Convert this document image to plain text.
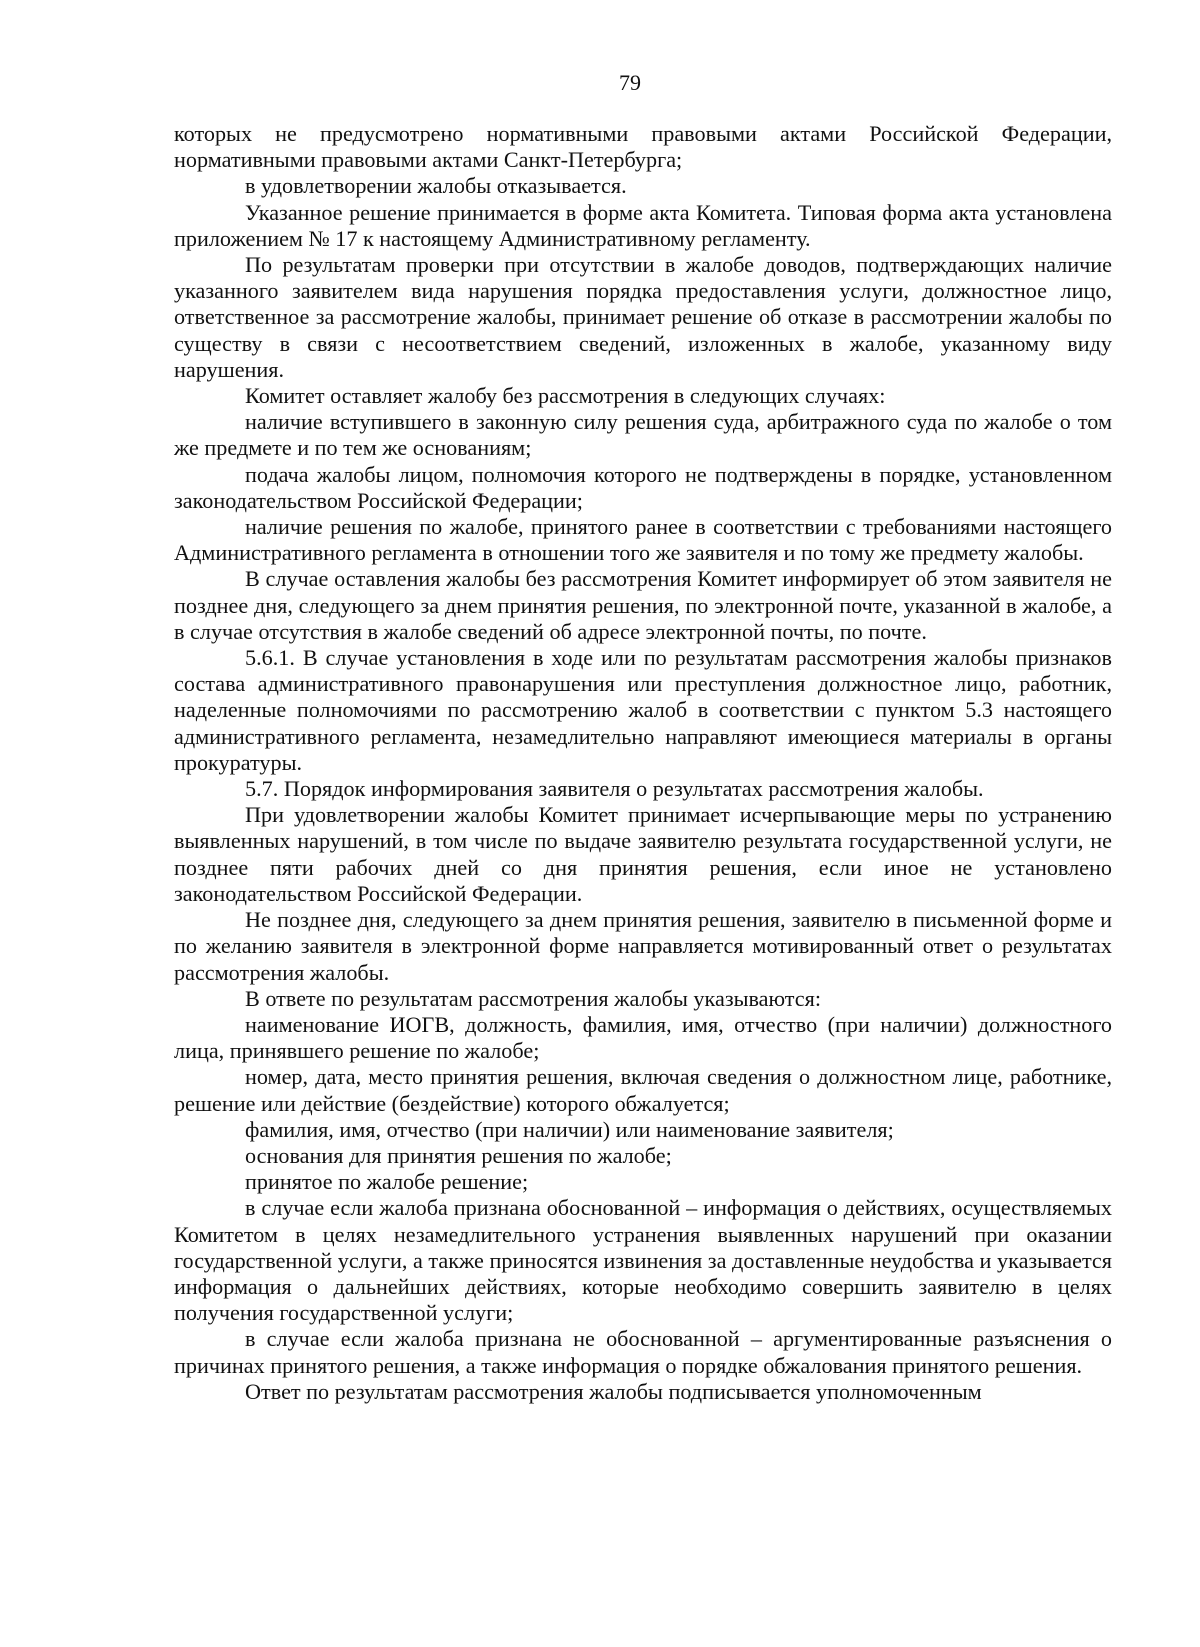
79

которых не предусмотрено нормативными правовыми актами Российской Федерации, нормативными правовыми актами Санкт-Петербурга;

в удовлетворении жалобы отказывается.

Указанное решение принимается в форме акта Комитета. Типовая форма акта установлена приложением № 17 к настоящему Административному регламенту.

По результатам проверки при отсутствии в жалобе доводов, подтверждающих наличие указанного заявителем вида нарушения порядка предоставления услуги, должностное лицо, ответственное за рассмотрение жалобы, принимает решение об отказе в рассмотрении жалобы по существу в связи с несоответствием сведений, изложенных в жалобе, указанному виду нарушения.

Комитет оставляет жалобу без рассмотрения в следующих случаях:

наличие вступившего в законную силу решения суда, арбитражного суда по жалобе о том же предмете и по тем же основаниям;

подача жалобы лицом, полномочия которого не подтверждены в порядке, установленном законодательством Российской Федерации;

наличие решения по жалобе, принятого ранее в соответствии с требованиями настоящего Административного регламента в отношении того же заявителя и по тому же предмету жалобы.

В случае оставления жалобы без рассмотрения Комитет информирует об этом заявителя не позднее дня, следующего за днем принятия решения, по электронной почте, указанной в жалобе, а в случае отсутствия в жалобе сведений об адресе электронной почты, по почте.

5.6.1. В случае установления в ходе или по результатам рассмотрения жалобы признаков состава административного правонарушения или преступления должностное лицо, работник, наделенные полномочиями по рассмотрению жалоб в соответствии с пунктом 5.3 настоящего административного регламента, незамедлительно направляют имеющиеся материалы в органы прокуратуры.

5.7. Порядок информирования заявителя о результатах рассмотрения жалобы.

При удовлетворении жалобы Комитет принимает исчерпывающие меры по устранению выявленных нарушений, в том числе по выдаче заявителю результата государственной услуги, не позднее пяти рабочих дней со дня принятия решения, если иное не установлено законодательством Российской Федерации.

Не позднее дня, следующего за днем принятия решения, заявителю в письменной форме и по желанию заявителя в электронной форме направляется мотивированный ответ о результатах рассмотрения жалобы.

В ответе по результатам рассмотрения жалобы указываются:

наименование ИОГВ, должность, фамилия, имя, отчество (при наличии) должностного лица, принявшего решение по жалобе;

номер, дата, место принятия решения, включая сведения о должностном лице, работнике, решение или действие (бездействие) которого обжалуется;

фамилия, имя, отчество (при наличии) или наименование заявителя;

основания для принятия решения по жалобе;

принятое по жалобе решение;

в случае если жалоба признана обоснованной – информация о действиях, осуществляемых Комитетом в целях незамедлительного устранения выявленных нарушений при оказании государственной услуги, а также приносятся извинения за доставленные неудобства и указывается информация о дальнейших действиях, которые необходимо совершить заявителю в целях получения государственной услуги;

в случае если жалоба признана не обоснованной – аргументированные разъяснения о причинах принятого решения, а также информация о порядке обжалования принятого решения.

Ответ по результатам рассмотрения жалобы подписывается уполномоченным
